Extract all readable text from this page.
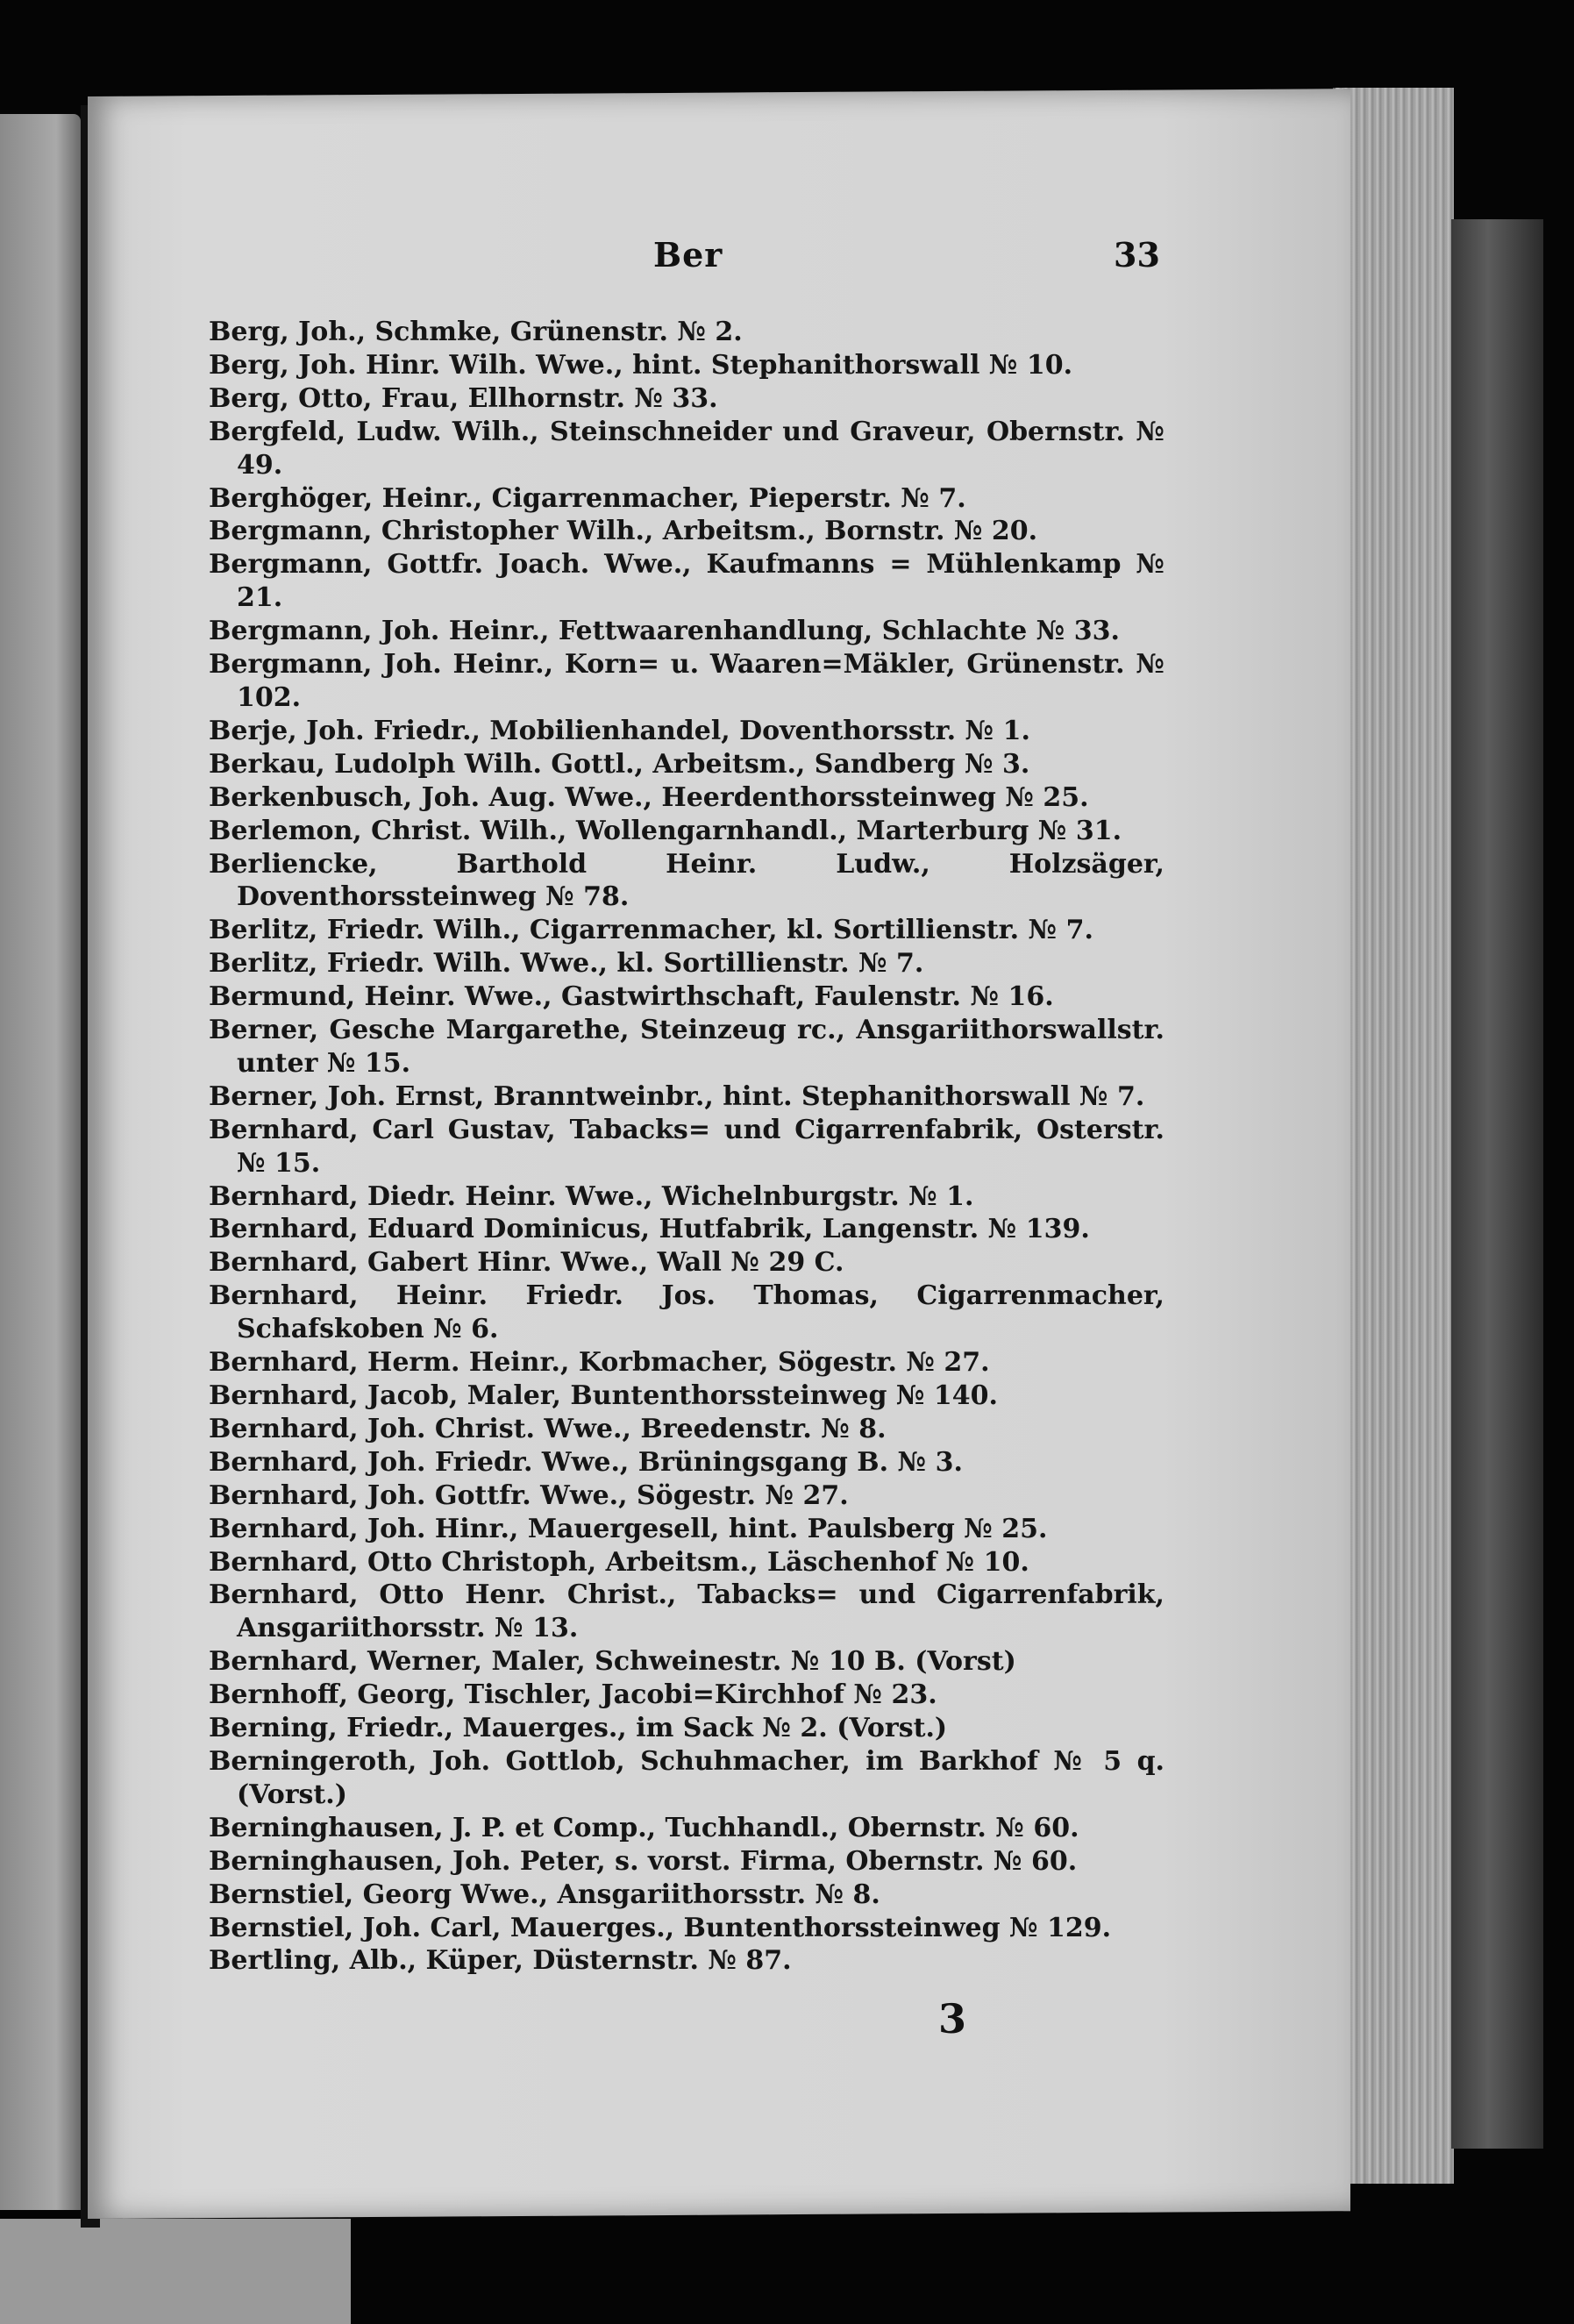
Ber	33
Berg, Joh., Schmke, Grünenstr. № 2.
Berg, Joh. Hinr. Wilh. Wwe., hint. Stephanithorswall № 10.
Berg, Otto, Frau, Ellhornstr. № 33.
Bergfeld, Ludw. Wilh., Steinschneider und Graveur, Obernstr. № 49.
Berghöger, Heinr., Cigarrenmacher, Pieperstr. № 7.
Bergmann, Christopher Wilh., Arbeitsm., Bornstr. № 20.
Bergmann, Gottfr. Joach. Wwe., Kaufmanns = Mühlenkamp № 21.
Bergmann, Joh. Heinr., Fettwaarenhandlung, Schlachte № 33.
Bergmann, Joh. Heinr., Korn= u. Waaren=Mäkler, Grünenstr. № 102.
Berje, Joh. Friedr., Mobilienhandel, Doventhorsstr. № 1.
Berkau, Ludolph Wilh. Gottl., Arbeitsm., Sandberg № 3.
Berkenbusch, Joh. Aug. Wwe., Heerdenthorssteinweg № 25.
Berlemon, Christ. Wilh., Wollengarnhandl., Marterburg № 31.
Berliencke, Barthold Heinr. Ludw., Holzsäger, Doventhorssteinweg № 78.
Berlitz, Friedr. Wilh., Cigarrenmacher, kl. Sortillienstr. № 7.
Berlitz, Friedr. Wilh. Wwe., kl. Sortillienstr. № 7.
Bermund, Heinr. Wwe., Gastwirthschaft, Faulenstr. № 16.
Berner, Gesche Margarethe, Steinzeug rc., Ansgariithorswallstr. unter № 15.
Berner, Joh. Ernst, Branntweinbr., hint. Stephanithorswall № 7.
Bernhard, Carl Gustav, Tabacks= und Cigarrenfabrik, Osterstr. № 15.
Bernhard, Diedr. Heinr. Wwe., Wichelnburgstr. № 1.
Bernhard, Eduard Dominicus, Hutfabrik, Langenstr. № 139.
Bernhard, Gabert Hinr. Wwe., Wall № 29 C.
Bernhard, Heinr. Friedr. Jos. Thomas, Cigarrenmacher, Schafskoben № 6.
Bernhard, Herm. Heinr., Korbmacher, Sögestr. № 27.
Bernhard, Jacob, Maler, Buntenthorssteinweg № 140.
Bernhard, Joh. Christ. Wwe., Breedenstr. № 8.
Bernhard, Joh. Friedr. Wwe., Brüningsgang B. № 3.
Bernhard, Joh. Gottfr. Wwe., Sögestr. № 27.
Bernhard, Joh. Hinr., Mauergesell, hint. Paulsberg № 25.
Bernhard, Otto Christoph, Arbeitsm., Läschenhof № 10.
Bernhard, Otto Henr. Christ., Tabacks= und Cigarrenfabrik, Ansgariithorsstr. № 13.
Bernhard, Werner, Maler, Schweinestr. № 10 B. (Vorst)
Bernhoff, Georg, Tischler, Jacobi=Kirchhof № 23.
Berning, Friedr., Mauerges., im Sack № 2. (Vorst.)
Berningeroth, Joh. Gottlob, Schuhmacher, im Barkhof № 5 q. (Vorst.)
Berninghausen, J. P. et Comp., Tuchhandl., Obernstr. № 60.
Berninghausen, Joh. Peter, s. vorst. Firma, Obernstr. № 60.
Bernstiel, Georg Wwe., Ansgariithorsstr. № 8.
Bernstiel, Joh. Carl, Mauerges., Buntenthorssteinweg № 129.
Bertling, Alb., Küper, Düsternstr. № 87.
3
